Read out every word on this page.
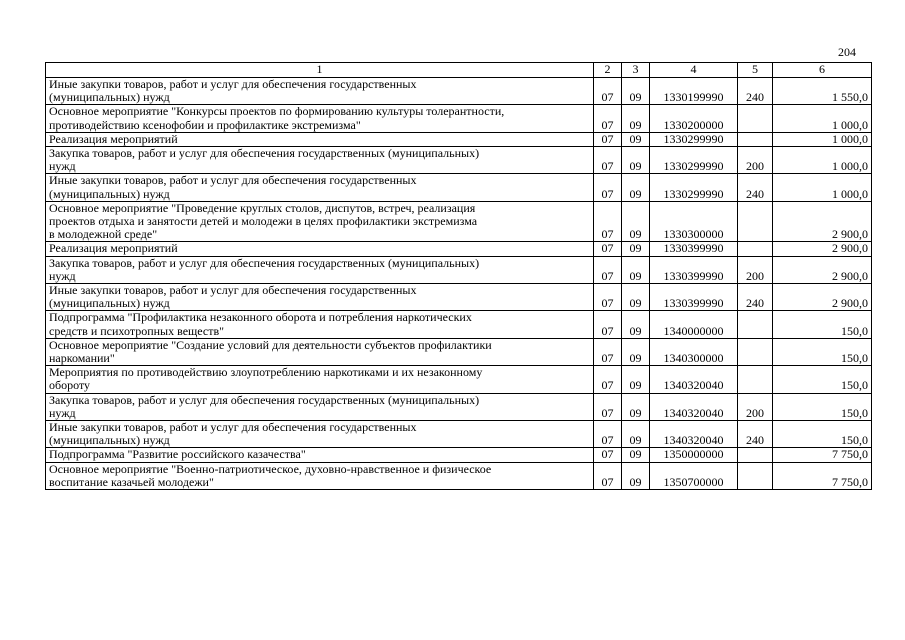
204
1	2	3	4	5	6
Иные закупки товаров, работ и услуг для обеспечения государственных
(муниципальных) нужд	07	09	1330199990	240	1 550,0
Основное мероприятие "Конкурсы проектов по формированию культуры толерантности,
противодействию ксенофобии и профилактике экстремизма"	07	09	1330200000		1 000,0
Реализация мероприятий	07	09	1330299990		1 000,0
Закупка товаров, работ и услуг для обеспечения государственных (муниципальных)
нужд	07	09	1330299990	200	1 000,0
Иные закупки товаров, работ и услуг для обеспечения государственных
(муниципальных) нужд	07	09	1330299990	240	1 000,0
Основное мероприятие "Проведение круглых столов, диспутов, встреч, реализация
проектов отдыха и занятости детей и молодежи в целях профилактики экстремизма
в молодежной среде"	07	09	1330300000		2 900,0
Реализация мероприятий	07	09	1330399990		2 900,0
Закупка товаров, работ и услуг для обеспечения государственных (муниципальных)
нужд	07	09	1330399990	200	2 900,0
Иные закупки товаров, работ и услуг для обеспечения государственных
(муниципальных) нужд	07	09	1330399990	240	2 900,0
Подпрограмма "Профилактика незаконного оборота и потребления наркотических
средств и психотропных веществ"	07	09	1340000000		150,0
Основное мероприятие "Создание условий для деятельности субъектов профилактики
наркомании"	07	09	1340300000		150,0
Мероприятия по противодействию злоупотреблению наркотиками и их незаконному
обороту	07	09	1340320040		150,0
Закупка товаров, работ и услуг для обеспечения государственных (муниципальных)
нужд	07	09	1340320040	200	150,0
Иные закупки товаров, работ и услуг для обеспечения государственных
(муниципальных) нужд	07	09	1340320040	240	150,0
Подпрограмма "Развитие российского казачества"	07	09	1350000000		7 750,0
Основное мероприятие "Военно-патриотическое, духовно-нравственное и физическое
воспитание казачьей молодежи"	07	09	1350700000		7 750,0
